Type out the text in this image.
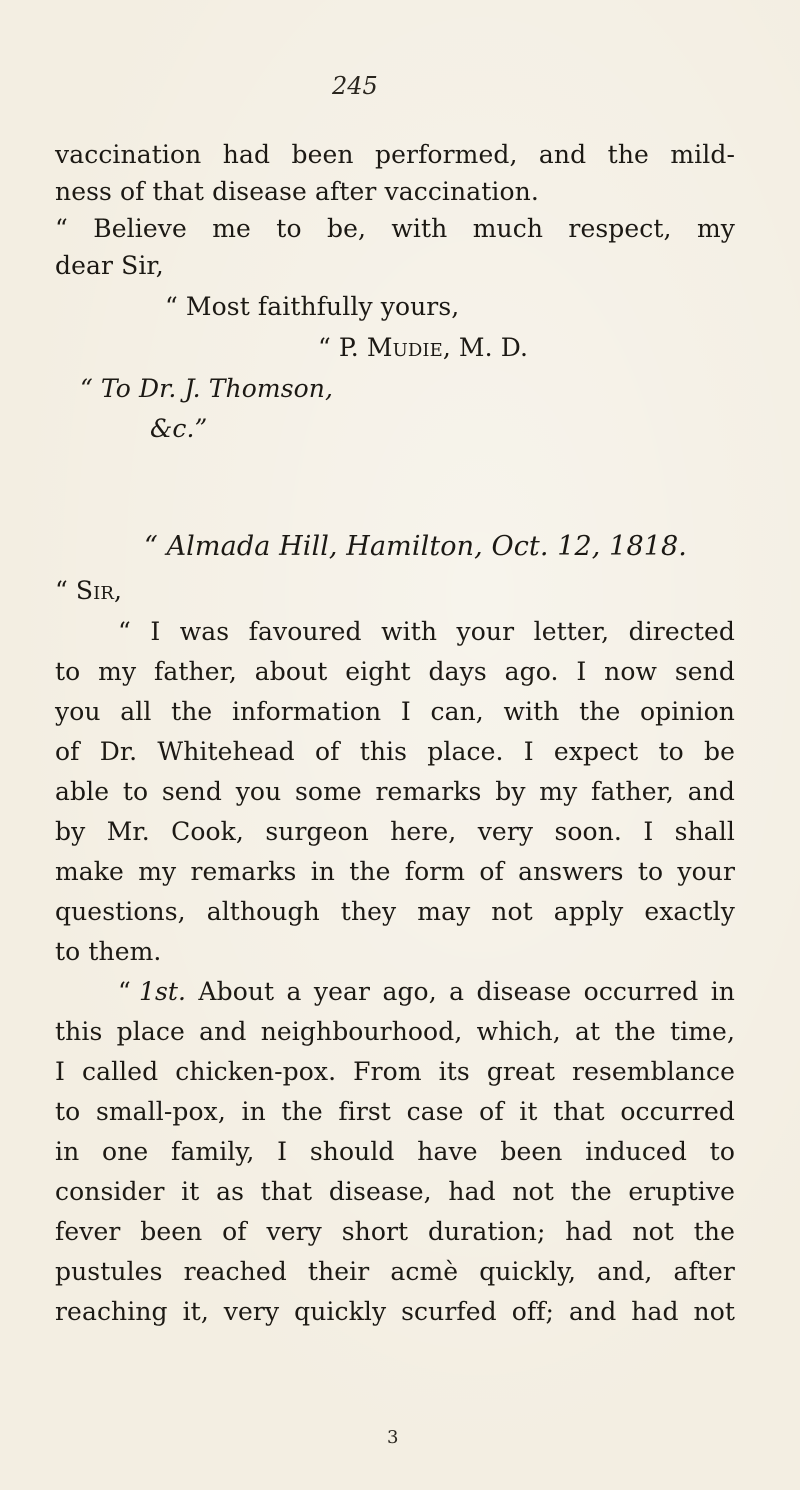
245
vaccination had been performed, and the mild-
ness of that disease after vaccination.
“ Believe me to be, with much respect, my
dear Sir,
“ Most faithfully yours,
“ P. Mudie, M. D.
“ To Dr. J. Thomson,
&c.”
“ Almada Hill, Hamilton, Oct. 12, 1818.
“ Sir,
“ I was favoured with your letter, directed
to my father, about eight days ago. I now send
you all the information I can, with the opinion
of Dr. Whitehead of this place. I expect to be
able to send you some remarks by my father, and
by Mr. Cook, surgeon here, very soon. I shall
make my remarks in the form of answers to your
questions, although they may not apply exactly
to them.
“ 1st. About a year ago, a disease occurred in
this place and neighbourhood, which, at the time,
I called chicken-pox. From its great resemblance
to small-pox, in the first case of it that occurred
in one family, I should have been induced to
consider it as that disease, had not the eruptive
fever been of very short duration; had not the
pustules reached their acmè quickly, and, after
reaching it, very quickly scurfed off; and had not
3
